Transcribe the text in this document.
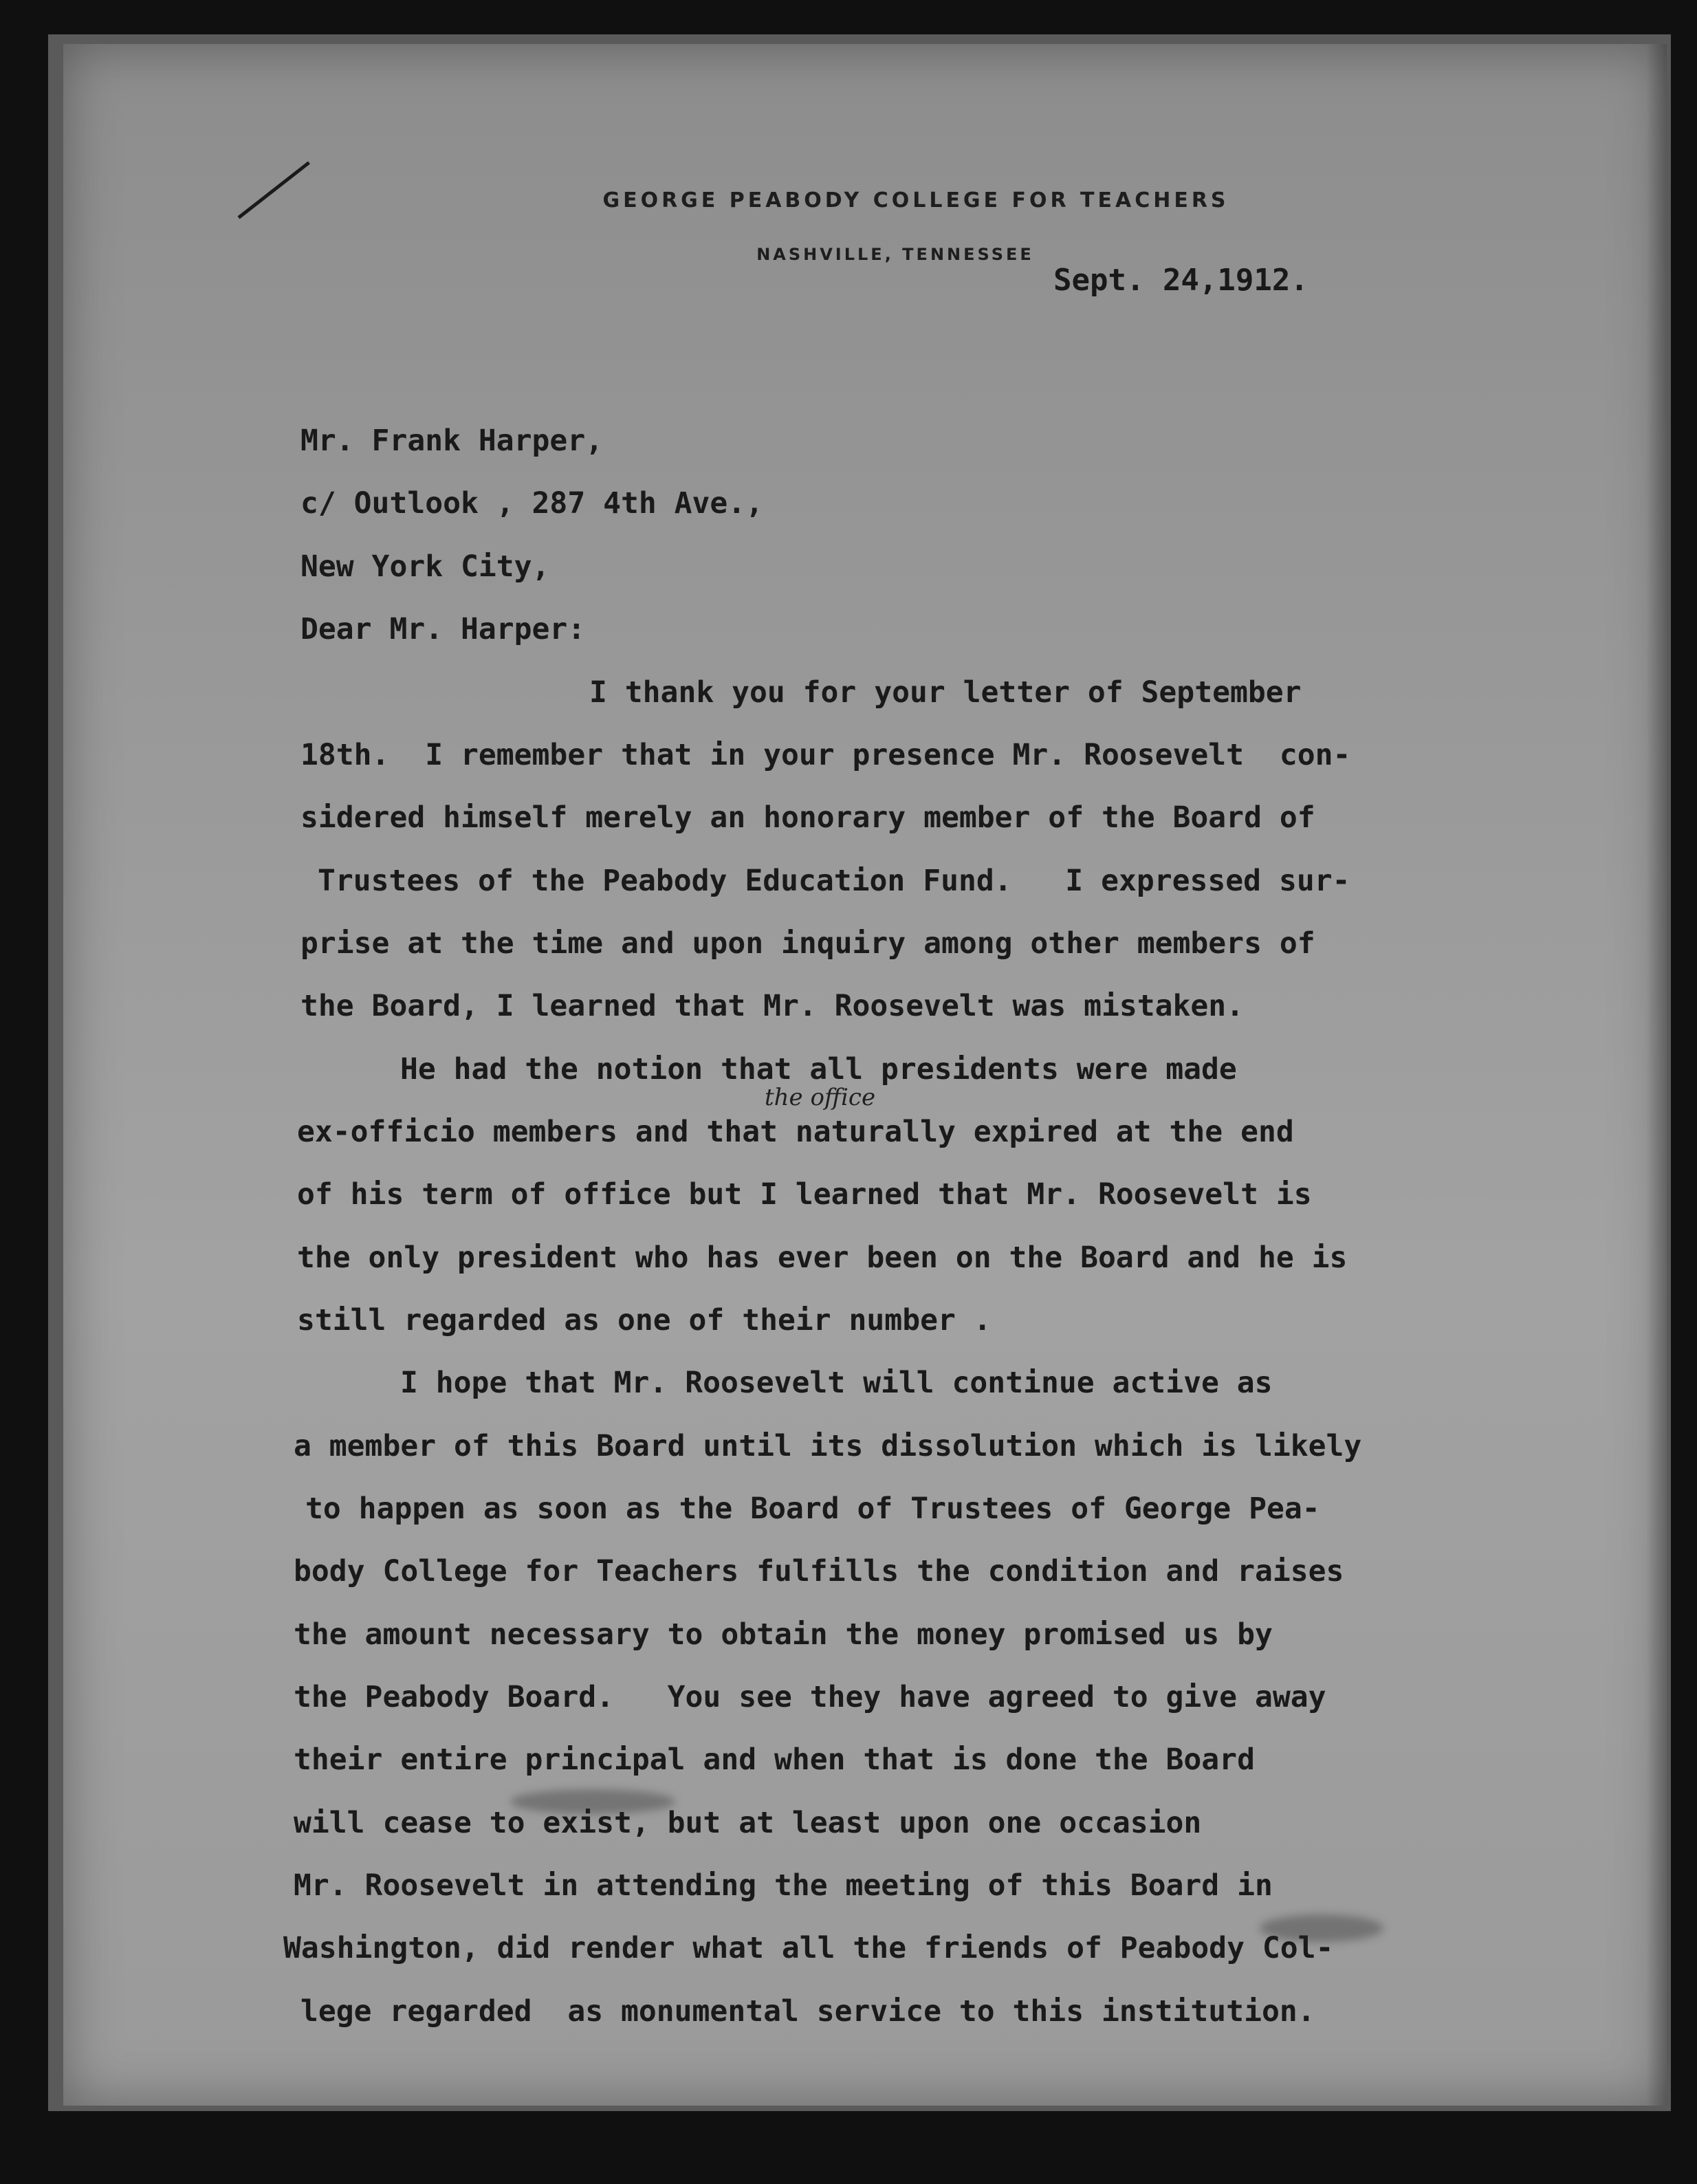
GEORGE PEABODY COLLEGE FOR TEACHERS
NASHVILLE, TENNESSEE
Sept. 24,1912.
Mr. Frank Harper,
c/ Outlook , 287 4th Ave.,
New York City,
Dear Mr. Harper:
I thank you for your letter of September
18th.  I remember that in your presence Mr. Roosevelt  con-
sidered himself merely an honorary member of the Board of
Trustees of the Peabody Education Fund.   I expressed sur-
prise at the time and upon inquiry among other members of
the Board, I learned that Mr. Roosevelt was mistaken.
He had the notion that all presidents were made
ex-officio members and that naturally expired at the end
of his term of office but I learned that Mr. Roosevelt is
the only president who has ever been on the Board and he is
still regarded as one of their number .
the office
I hope that Mr. Roosevelt will continue active as
a member of this Board until its dissolution which is likely
to happen as soon as the Board of Trustees of George Pea-
body College for Teachers fulfills the condition and raises
the amount necessary to obtain the money promised us by
the Peabody Board.   You see they have agreed to give away
their entire principal and when that is done the Board
will cease to exist, but at least upon one occasion
Mr. Roosevelt in attending the meeting of this Board in
Washington, did render what all the friends of Peabody Col-
lege regarded  as monumental service to this institution.
